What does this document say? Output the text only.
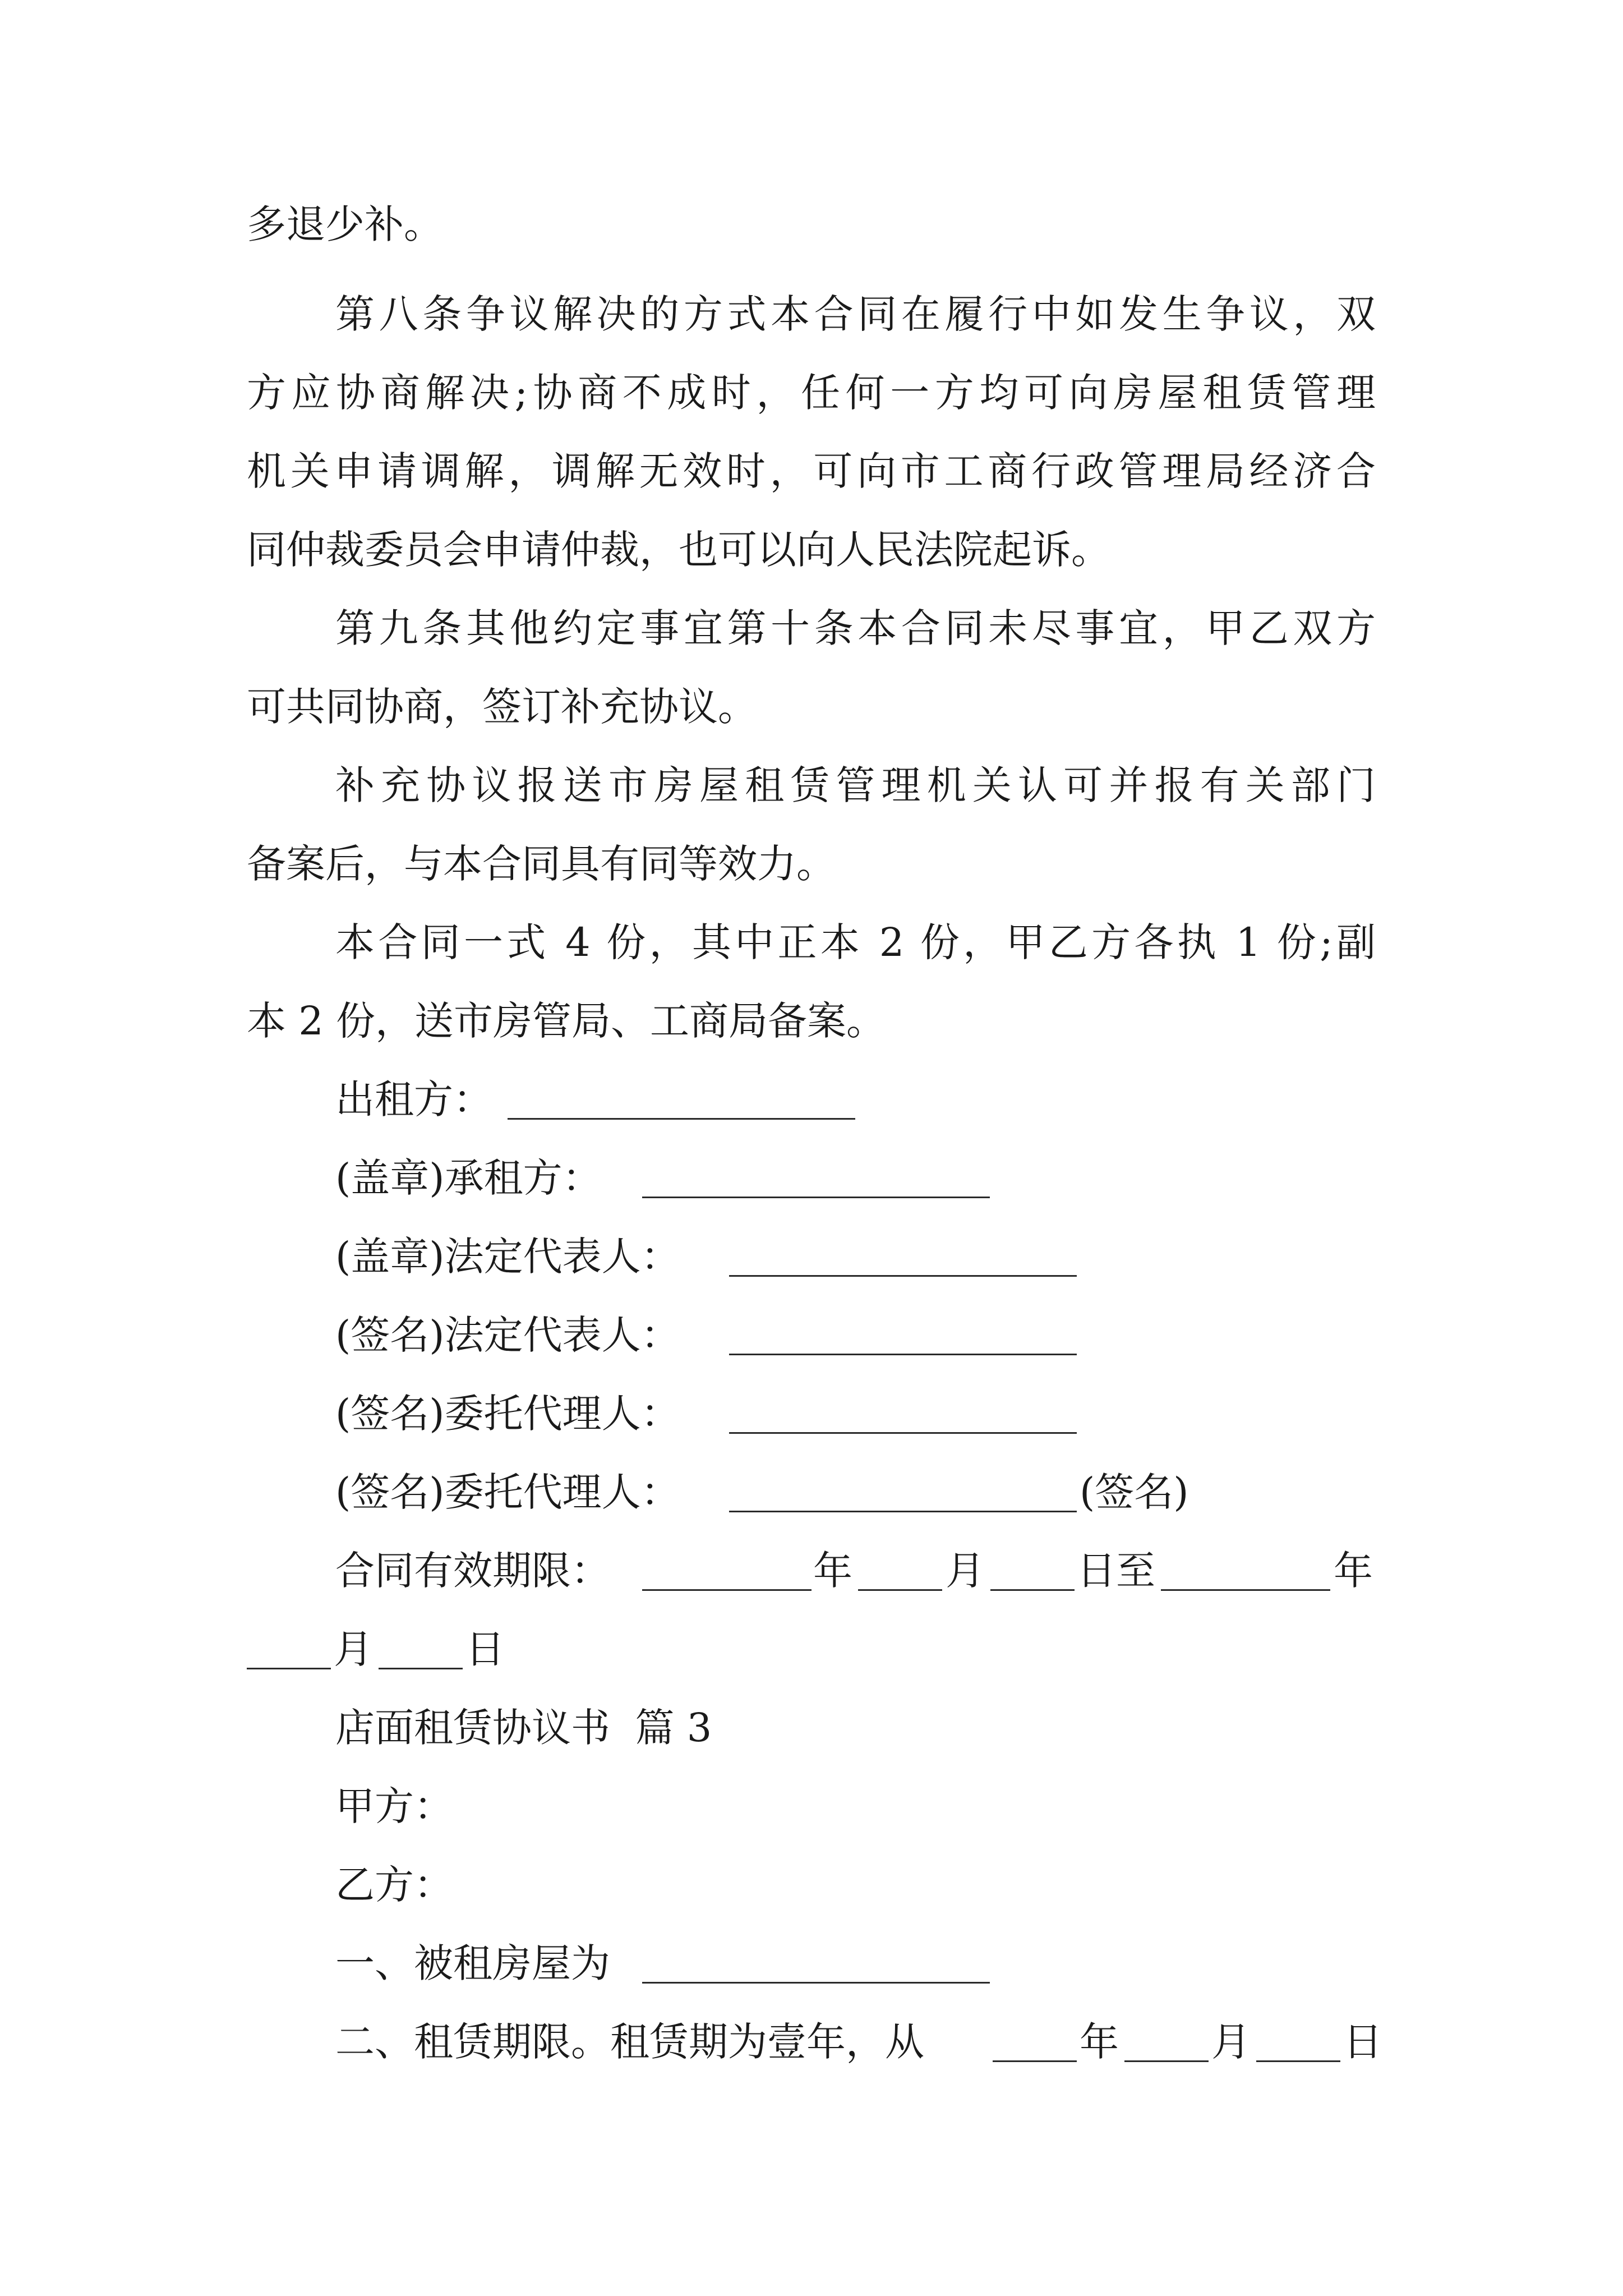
多退少补。
第八条争议解决的方式本合同在履行中如发生争议，双
方应协商解决;协商不成时，任何一方均可向房屋租赁管理
机关申请调解，调解无效时，可向市工商行政管理局经济合
同仲裁委员会申请仲裁，也可以向人民法院起诉。
第九条其他约定事宜第十条本合同未尽事宜，甲乙双方
可共同协商，签订补充协议。
补充协议报送市房屋租赁管理机关认可并报有关部门
备案后，与本合同具有同等效力。
本合同一式 4 份，其中正本 2 份，甲乙方各执 1 份;副
本 2 份，送市房管局、工商局备案。
出租方：
(盖章)承租方：
(盖章)法定代表人：
(签名)法定代表人：
(签名)委托代理人：
(签名)委托代理人：	(签名)
合同有效期限：	年 月 日至	年
月 日
店面租赁协议书  篇 3
甲方：
乙方：
一、被租房屋为
二、租赁期限。租赁期为壹年，从	年 月 日
